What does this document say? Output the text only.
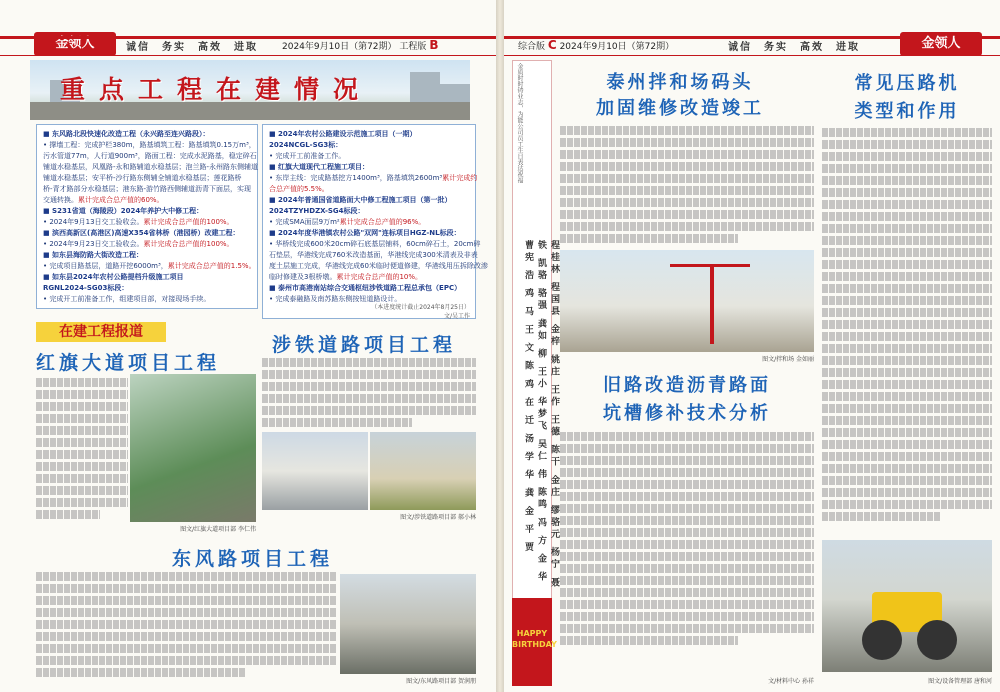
金领人	诚信　务实　高效　进取	2024年9月10日（第72期） 工程版 B
重点工程在建情况
■ 东风路北段快速化改造工程（永兴路至连兴路段）：
• 撑墙工程：完成护栏380m，路基填筑工程：路基填筑0.15万m³，
污水管道77m，人行道900m³，路面工程：完成水泥路基，稳定碎石
铺道水稳基层，风凰路-永和路辅道水稳基层；泡兰路-永州路东侧辅道
铺道水稳基层；安平桥-沙行路东侧辅全铺道水稳基层；莲花路桥
桥-青才路部分水稳基层；港东路-游竹路西侧辅道沥青下面层，实现
交通转换。累计完成合总产值的60%。
■ S231省道（海陵段）2024年养护大中修工程：
• 2024年9月13日交工验收会。累计完成合总产值的100%。
■ 滨西高新区(高港区)高速X354省林桥（港园桥）改建工程：
• 2024年9月23日交工验收会。累计完成合总产值的100%。
■ 如东县海防路大街改造工程：
• 完成项目路基层，道路开挖6000m³，累计完成合总产值的1.5%。
■ 如东县2024年农村公路提档升级施工项目
RGNL2024-SG03标段：
• 完成开工前准备工作，组建项目部，对接现场手续。
■ 2024年农村公路建设示范施工项目（一期）
2024NCGL-SG3标：
• 完成开工前准备工作。
■ 红旗大道现代工程施工项目：
• 东岸主线：完成路基挖方1400m³，路基填筑2600m³累计完成约
合总产值的5.5%。
■ 2024年普通国省道路面大中修工程施工项目（第一批）
2024TZYHDZX-SG4标段：
• 完成SMA面层9万m²累计完成合总产值的96%。
■ 2024年度华港镇农村公路"双网"连标项目HGZ-NL标段：
• 华桥线完成600米20cm碎石底基层铺料，60cm碎石土，20cm碎
石垫层，华港线完成760米改造基面，华港线完成300米清表及非表
度土层施工完成，华港线完成60米临时便道修建，华港线用压拆除改渗
临时修建及3根桥墩。累计完成合总产值的10%。
■ 泰州市高港南站综合交通枢纽涉铁道路工程总承包（EPC）
• 完成泰融路及南苏路东侧按钮道路设计。
（本进度统计截止2024年8月25日）
文/吴工作
在建工程报道
红旗大道项目工程
图文/红旗大道项目部 李仁伟
涉铁道路项目工程
图文/涉铁道路项目部 郝小林
东风路项目工程
图文/东风路项目部 贺润朋
综合版 C 2024年9月10日（第72期）	诚信　务实　高效　进取	金领人
金质时时铸业志，为能公司员工生日表达祝福
程桂林 程国县 金梓 姚庄 王作 王德 陈干 金庄 缪骆元 杨宁 聂铁 凯骆 骆强 龚如 柳 王小 华梦飞 吴仁 伟 陈鸣 冯 方 金 华 曹宪 浩 鸡 马 王 文 陈 鸡 在 迁 汤 学 华 龚 金 平 贾
HAPPY BIRTHDAY
泰州拌和场码头
加固维修改造竣工
图文/拌和场 金如丽
旧路改造沥青路面
坑槽修补技术分析
文/材料中心 孙祥
常见压路机
类型和作用
图文/设备管理部 唐和河
